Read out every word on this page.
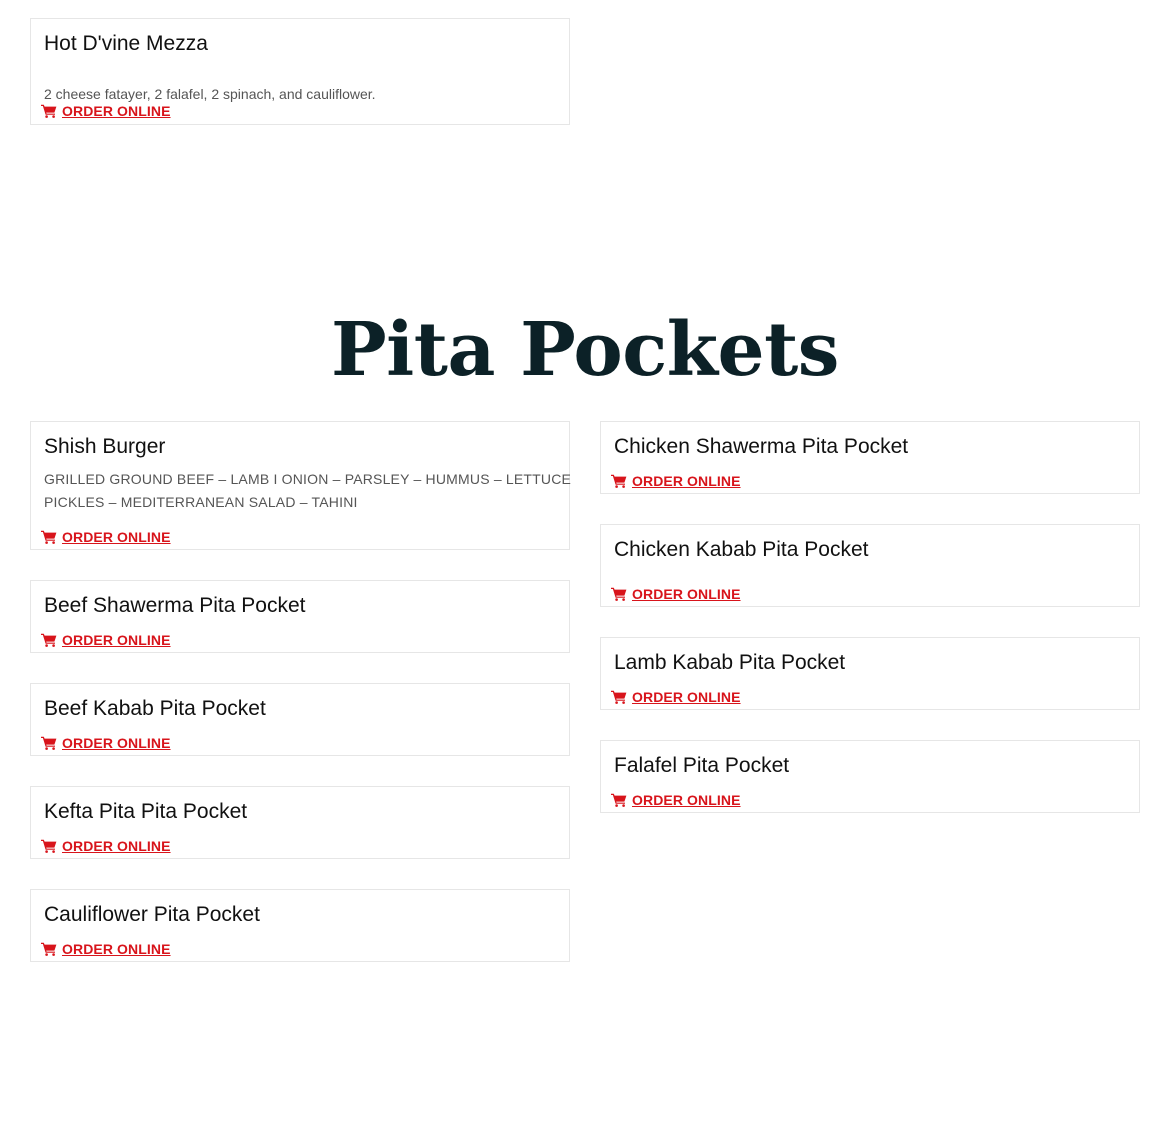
Hot D'vine Mezza
2 cheese fatayer, 2 falafel, 2 spinach, and cauliflower.
ORDER ONLINE
Pita Pockets
Shish Burger
GRILLED GROUND BEEF – LAMB I ONION – PARSLEY – HUMMUS – LETTUCE
PICKLES – MEDITERRANEAN SALAD – TAHINI
ORDER ONLINE
Beef Shawerma Pita Pocket
ORDER ONLINE
Beef Kabab Pita Pocket
ORDER ONLINE
Kefta Pita Pita Pocket
ORDER ONLINE
Cauliflower Pita Pocket
ORDER ONLINE
Chicken Shawerma Pita Pocket
ORDER ONLINE
Chicken Kabab Pita Pocket
ORDER ONLINE
Lamb Kabab Pita Pocket
ORDER ONLINE
Falafel Pita Pocket
ORDER ONLINE
